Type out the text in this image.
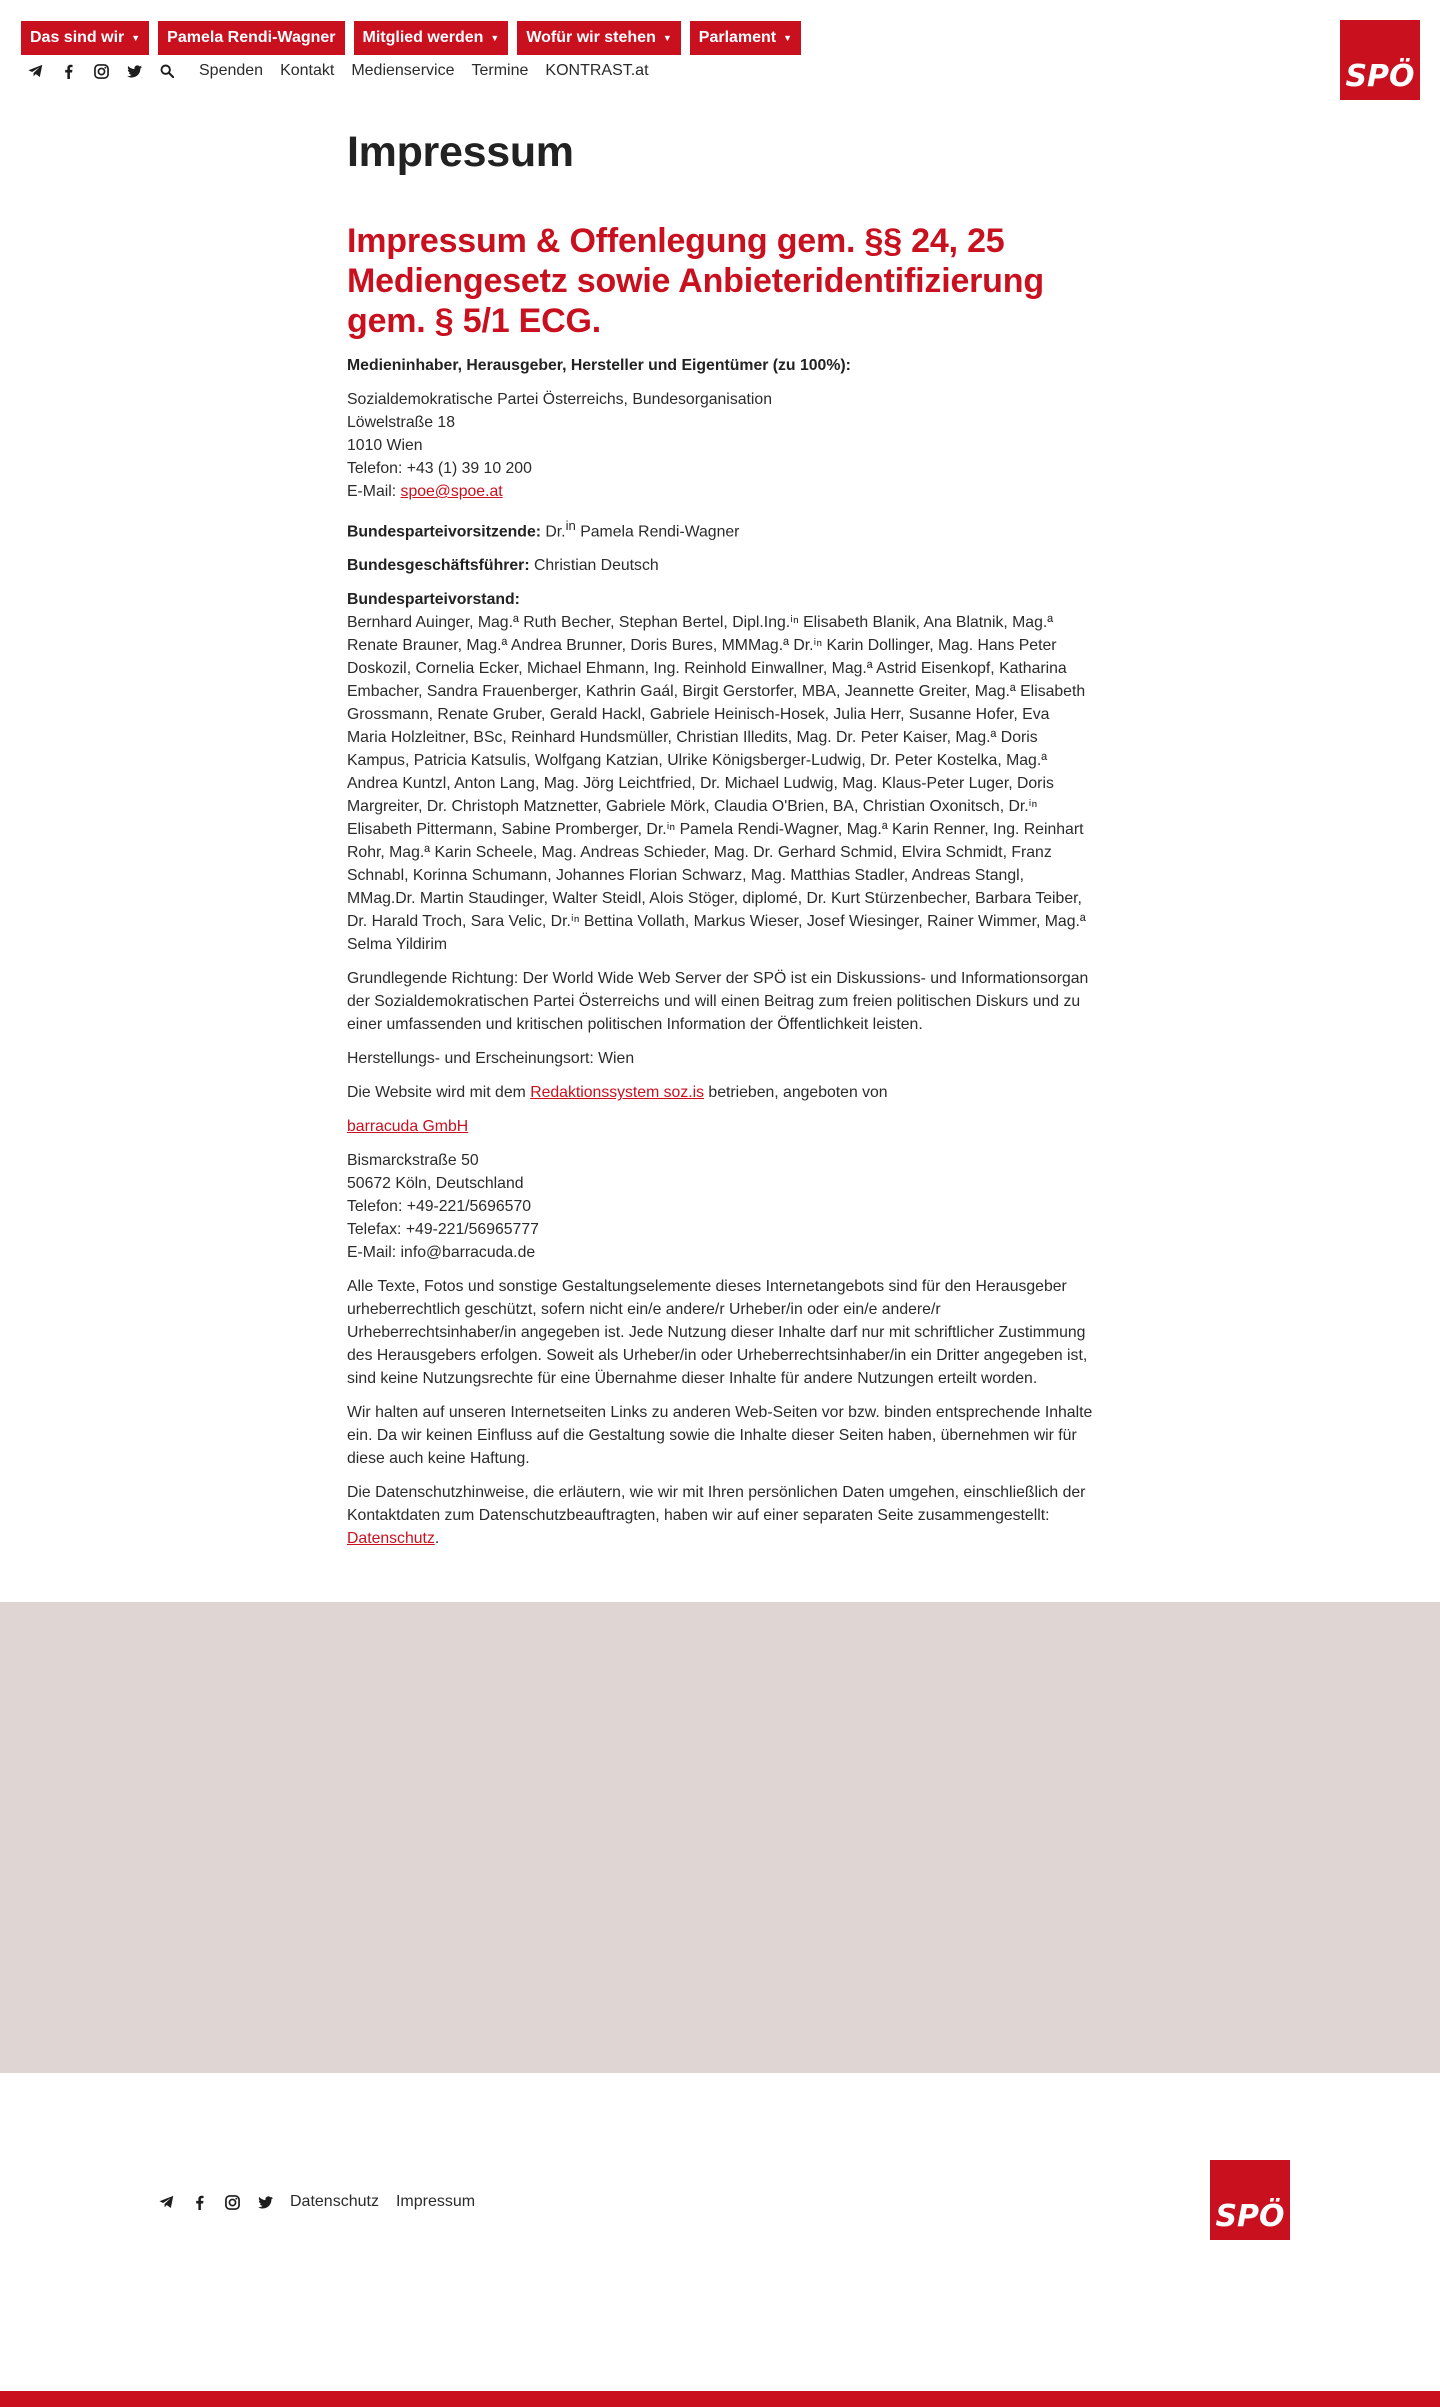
Das sind wir ▼ Pamela Rendi-Wagner Mitglied werden ▼ Wofür wir stehen ▼ Parlament ▼
Spenden Kontakt Medienservice Termine KONTRAST.at	SPÖ
Impressum
Impressum & Offenlegung gem. §§ 24, 25 Mediengesetz sowie Anbieteridentifizierung gem. § 5/1 ECG.

Medieninhaber, Herausgeber, Hersteller und Eigentümer (zu 100%):

Sozialdemokratische Partei Österreichs, Bundesorganisation
Löwelstraße 18
1010 Wien
Telefon: +43 (1) 39 10 200
E-Mail: spoe@spoe.at

Bundesparteivorsitzende: Dr.$^{in}$ Pamela Rendi-Wagner

Bundesgeschäftsführer: Christian Deutsch

Bundesparteivorstand:
Bernhard Auinger, Mag.ª Ruth Becher, Stephan Bertel, Dipl.Ing.ⁱⁿ Elisabeth Blanik, Ana Blatnik, Mag.ª Renate Brauner, Mag.ª Andrea Brunner, Doris Bures, MMMag.ª Dr.ⁱⁿ Karin Dollinger, Mag. Hans Peter Doskozil, Cornelia Ecker, Michael Ehmann, Ing. Reinhold Einwallner, Mag.ª Astrid Eisenkopf, Katharina Embacher, Sandra Frauenberger, Kathrin Gaál, Birgit Gerstorfer, MBA, Jeannette Greiter, Mag.ª Elisabeth Grossmann, Renate Gruber, Gerald Hackl, Gabriele Heinisch-Hosek, Julia Herr, Susanne Hofer, Eva Maria Holzleitner, BSc, Reinhard Hundsmüller, Christian Illedits, Mag. Dr. Peter Kaiser, Mag.ª Doris Kampus, Patricia Katsulis, Wolfgang Katzian, Ulrike Königsberger-Ludwig, Dr. Peter Kostelka, Mag.ª Andrea Kuntzl, Anton Lang, Mag. Jörg Leichtfried, Dr. Michael Ludwig, Mag. Klaus-Peter Luger, Doris Margreiter, Dr. Christoph Matznetter, Gabriele Mörk, Claudia O'Brien, BA, Christian Oxonitsch, Dr.ⁱⁿ Elisabeth Pittermann, Sabine Promberger, Dr.ⁱⁿ Pamela Rendi-Wagner, Mag.ª Karin Renner, Ing. Reinhart Rohr, Mag.ª Karin Scheele, Mag. Andreas Schieder, Mag. Dr. Gerhard Schmid, Elvira Schmidt, Franz Schnabl, Korinna Schumann, Johannes Florian Schwarz, Mag. Matthias Stadler, Andreas Stangl, MMag.Dr. Martin Staudinger, Walter Steidl, Alois Stöger, diplomé, Dr. Kurt Stürzenbecher, Barbara Teiber, Dr. Harald Troch, Sara Velic, Dr.ⁱⁿ Bettina Vollath, Markus Wieser, Josef Wiesinger, Rainer Wimmer, Mag.ª Selma Yildirim

Grundlegende Richtung: Der World Wide Web Server der SPÖ ist ein Diskussions- und Informationsorgan der Sozialdemokratischen Partei Österreichs und will einen Beitrag zum freien politischen Diskurs und zu einer umfassenden und kritischen politischen Information der Öffentlichkeit leisten.

Herstellungs- und Erscheinungsort: Wien

Die Website wird mit dem Redaktionssystem soz.is betrieben, angeboten von

barracuda GmbH

Bismarckstraße 50
50672 Köln, Deutschland
Telefon: +49-221/5696570
Telefax: +49-221/56965777
E-Mail: info@barracuda.de

Alle Texte, Fotos und sonstige Gestaltungselemente dieses Internetangebots sind für den Herausgeber urheberrechtlich geschützt, sofern nicht ein/e andere/r Urheber/in oder ein/e andere/r Urheberrechtsinhaber/in angegeben ist. Jede Nutzung dieser Inhalte darf nur mit schriftlicher Zustimmung des Herausgebers erfolgen. Soweit als Urheber/in oder Urheberrechtsinhaber/in ein Dritter angegeben ist, sind keine Nutzungsrechte für eine Übernahme dieser Inhalte für andere Nutzungen erteilt worden.

Wir halten auf unseren Internetseiten Links zu anderen Web-Seiten vor bzw. binden entsprechende Inhalte ein. Da wir keinen Einfluss auf die Gestaltung sowie die Inhalte dieser Seiten haben, übernehmen wir für diese auch keine Haftung.

Die Datenschutzhinweise, die erläutern, wie wir mit Ihren persönlichen Daten umgehen, einschließlich der Kontaktdaten zum Datenschutzbeauftragten, haben wir auf einer separaten Seite zusammengestellt: Datenschutz.

Datenschutz Impressum	SPÖ
